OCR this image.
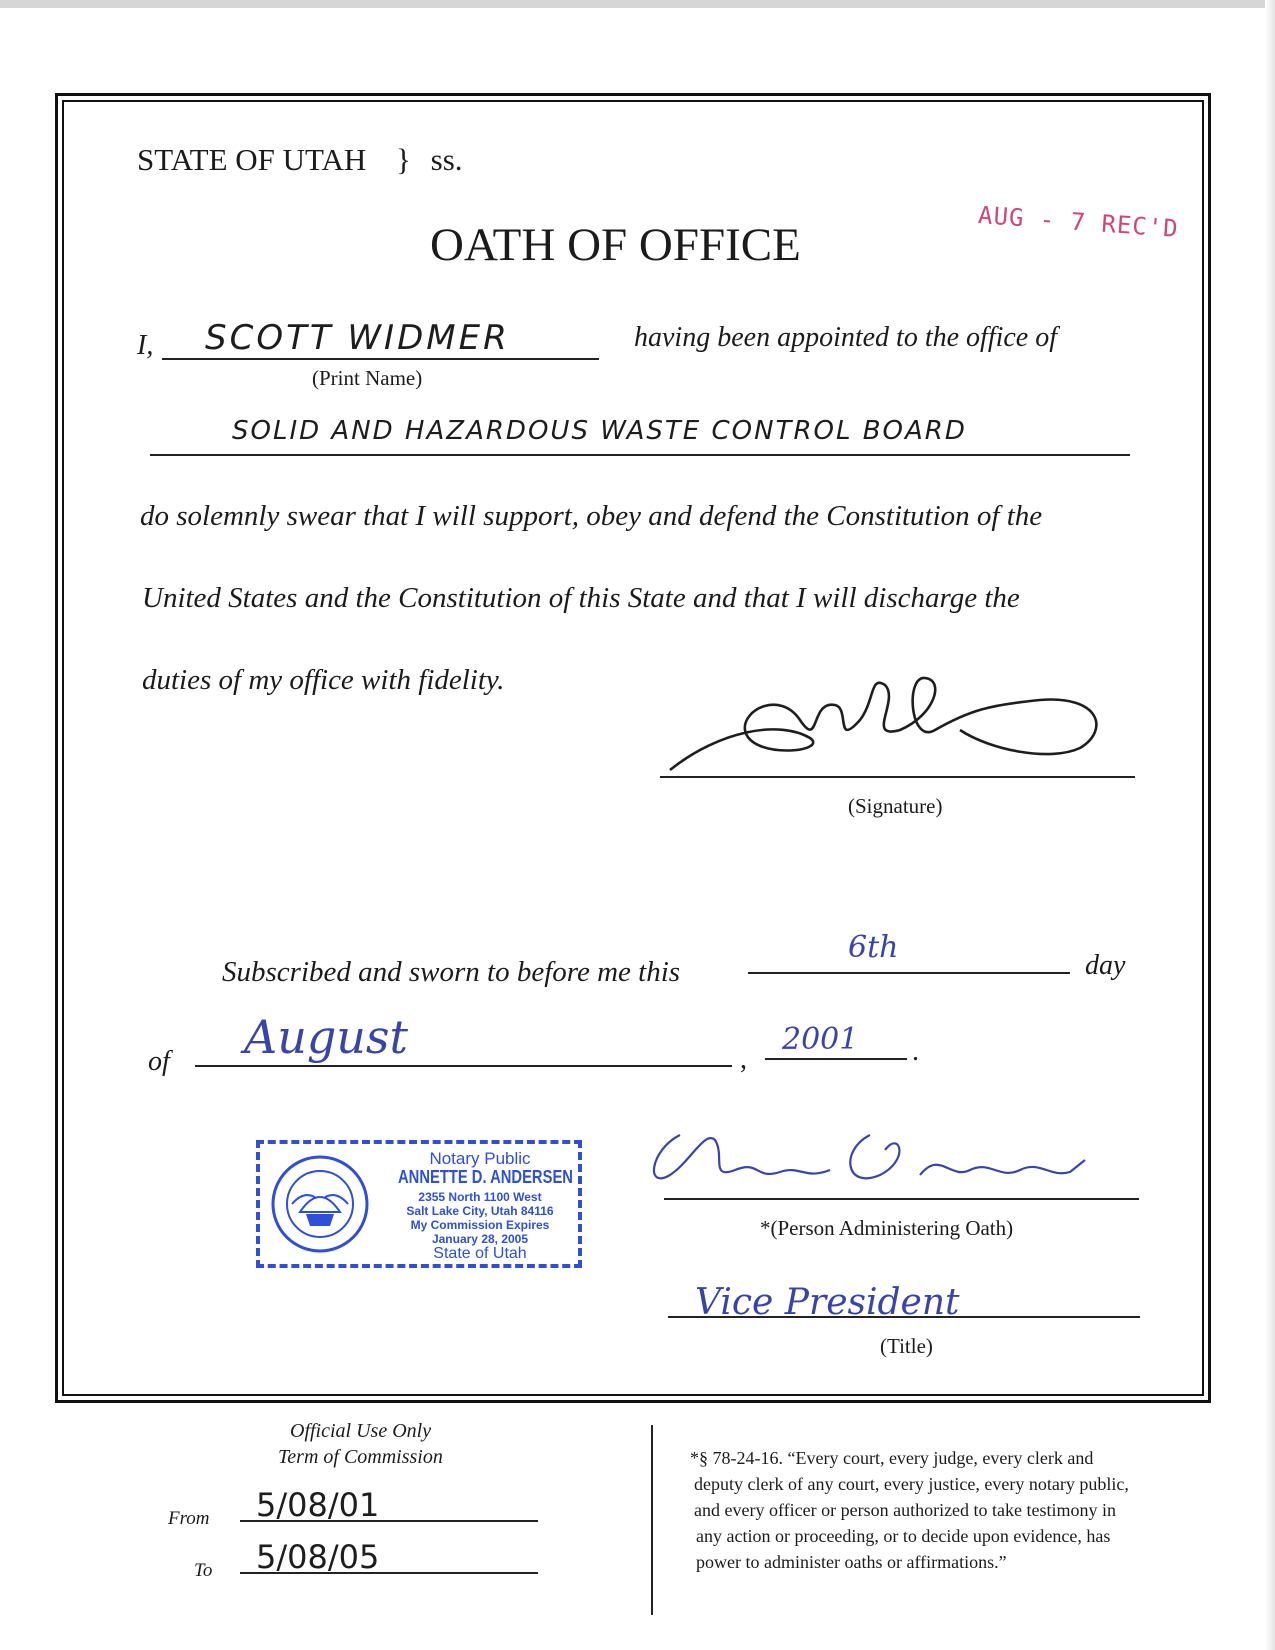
STATE OF UTAH } ss.
OATH OF OFFICE	AUG - 7 REC'D
I, SCOTT WIDMER
(Print Name)
having been appointed to the office of
SOLID AND HAZARDOUS WASTE CONTROL BOARD
do solemnly swear that I will support, obey and defend the Constitution of the
United States and the Constitution of this State and that I will discharge the
duties of my office with fidelity.
(Signature)
Subscribed and sworn to before me this
6th
day
of August	,
2001 .
Notary Public
ANNETTE D. ANDERSEN
2355 North 1100 West
Salt Lake City, Utah 84116
My Commission Expires
January 28, 2005
State of Utah
*(Person Administering Oath)
Vice President
(Title)
Official Use Only
Term of Commission
From 5/08/01
To 5/08/05
*§ 78-24-16. “Every court, every judge, every clerk and
deputy clerk of any court, every justice, every notary public,
and every officer or person authorized to take testimony in
any action or proceeding, or to decide upon evidence, has
power to administer oaths or affirmations.”
